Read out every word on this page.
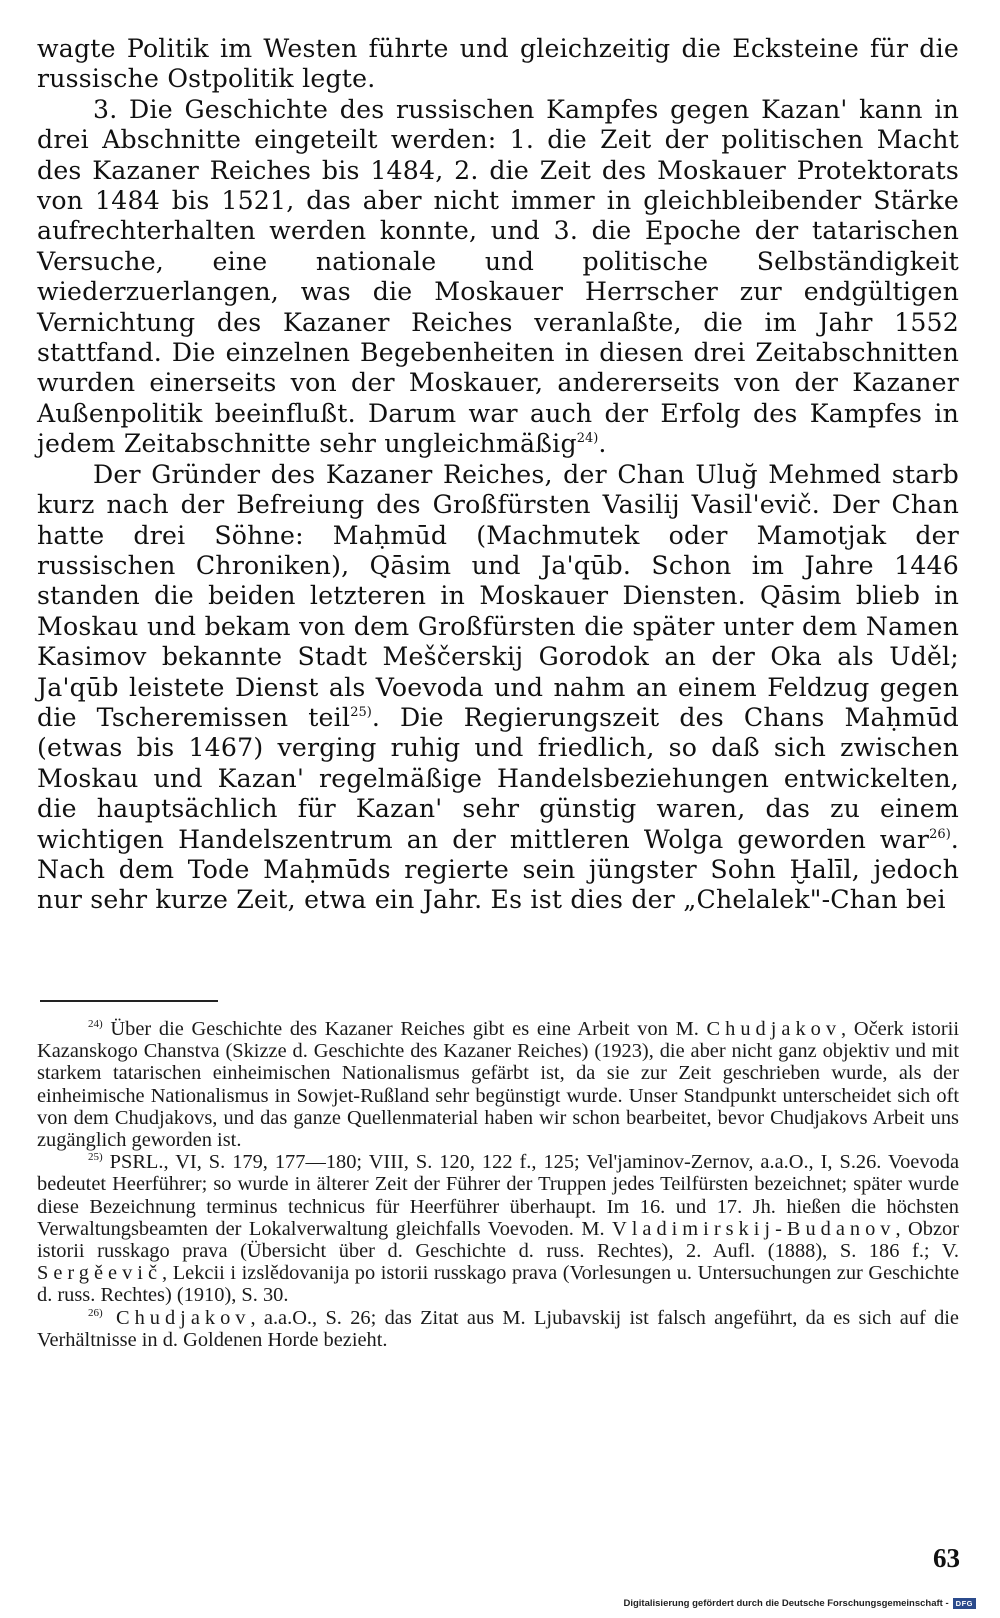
wagte Politik im Westen führte und gleichzeitig die Ecksteine für die russische Ostpolitik legte.

3. Die Geschichte des russischen Kampfes gegen Kazan' kann in drei Abschnitte eingeteilt werden: 1. die Zeit der politischen Macht des Kazaner Reiches bis 1484, 2. die Zeit des Moskauer Protektorats von 1484 bis 1521, das aber nicht immer in gleichbleibender Stärke aufrechterhalten werden konnte, und 3. die Epoche der tatarischen Versuche, eine nationale und politische Selbständigkeit wiederzuerlangen, was die Moskauer Herrscher zur endgültigen Vernichtung des Kazaner Reiches veranlaßte, die im Jahr 1552 stattfand. Die einzelnen Begebenheiten in diesen drei Zeitabschnitten wurden einerseits von der Moskauer, andererseits von der Kazaner Außenpolitik beeinflußt. Darum war auch der Erfolg des Kampfes in jedem Zeitabschnitte sehr ungleichmäßig$^{24)}$.

Der Gründer des Kazaner Reiches, der Chan Uluğ Mehmed starb kurz nach der Befreiung des Großfürsten Vasilij Vasil'evič. Der Chan hatte drei Söhne: Maḥmūd (Machmutek oder Mamotjak der russischen Chroniken), Qāsim und Ja'qūb. Schon im Jahre 1446 standen die beiden letzteren in Moskauer Diensten. Qāsim blieb in Moskau und bekam von dem Großfürsten die später unter dem Namen Kasimov bekannte Stadt Meščerskij Gorodok an der Oka als Uděl; Ja'qūb leistete Dienst als Voevoda und nahm an einem Feldzug gegen die Tscheremissen teil$^{25)}$. Die Regierungszeit des Chans Maḥmūd (etwas bis 1467) verging ruhig und friedlich, so daß sich zwischen Moskau und Kazan' regelmäßige Handelsbeziehungen entwickelten, die hauptsächlich für Kazan' sehr günstig waren, das zu einem wichtigen Handelszentrum an der mittleren Wolga geworden war$^{26)}$. Nach dem Tode Maḥmūds regierte sein jüngster Sohn Ḫalīl, jedoch nur sehr kurze Zeit, etwa ein Jahr. Es ist dies der „Chelalek"-Chan bei

$^{24)}$ Über die Geschichte des Kazaner Reiches gibt es eine Arbeit von M. Chudjakov, Očerk istorii Kazanskogo Chanstva (Skizze d. Geschichte des Kazaner Reiches) (1923), die aber nicht ganz objektiv und mit starkem tatarischen einheimischen Nationalismus gefärbt ist, da sie zur Zeit geschrieben wurde, als der einheimische Nationalismus in Sowjet-Rußland sehr begünstigt wurde. Unser Standpunkt unterscheidet sich oft von dem Chudjakovs, und das ganze Quellenmaterial haben wir schon bearbeitet, bevor Chudjakovs Arbeit uns zugänglich geworden ist.

$^{25)}$ PSRL., VI, S. 179, 177—180; VIII, S. 120, 122 f., 125; Vel'jaminov-Zernov, a.a.O., I, S.26. Voevoda bedeutet Heerführer; so wurde in älterer Zeit der Führer der Truppen jedes Teilfürsten bezeichnet; später wurde diese Bezeichnung terminus technicus für Heerführer überhaupt. Im 16. und 17. Jh. hießen die höchsten Verwaltungsbeamten der Lokalverwaltung gleichfalls Voevoden. M. Vladimirskij-Budanov, Obzor istorii russkago prava (Übersicht über d. Geschichte d. russ. Rechtes), 2. Aufl. (1888), S. 186 f.; V. Sergěevič, Lekcii i izslědovanija po istorii russkago prava (Vorlesungen u. Untersuchungen zur Geschichte d. russ. Rechtes) (1910), S. 30.

$^{26)}$ Chudjakov, a.a.O., S. 26; das Zitat aus M. Ljubavskij ist falsch angeführt, da es sich auf die Verhältnisse in d. Goldenen Horde bezieht.

63
Digitalisierung gefördert durch die Deutsche Forschungsgemeinschaft - DFG
